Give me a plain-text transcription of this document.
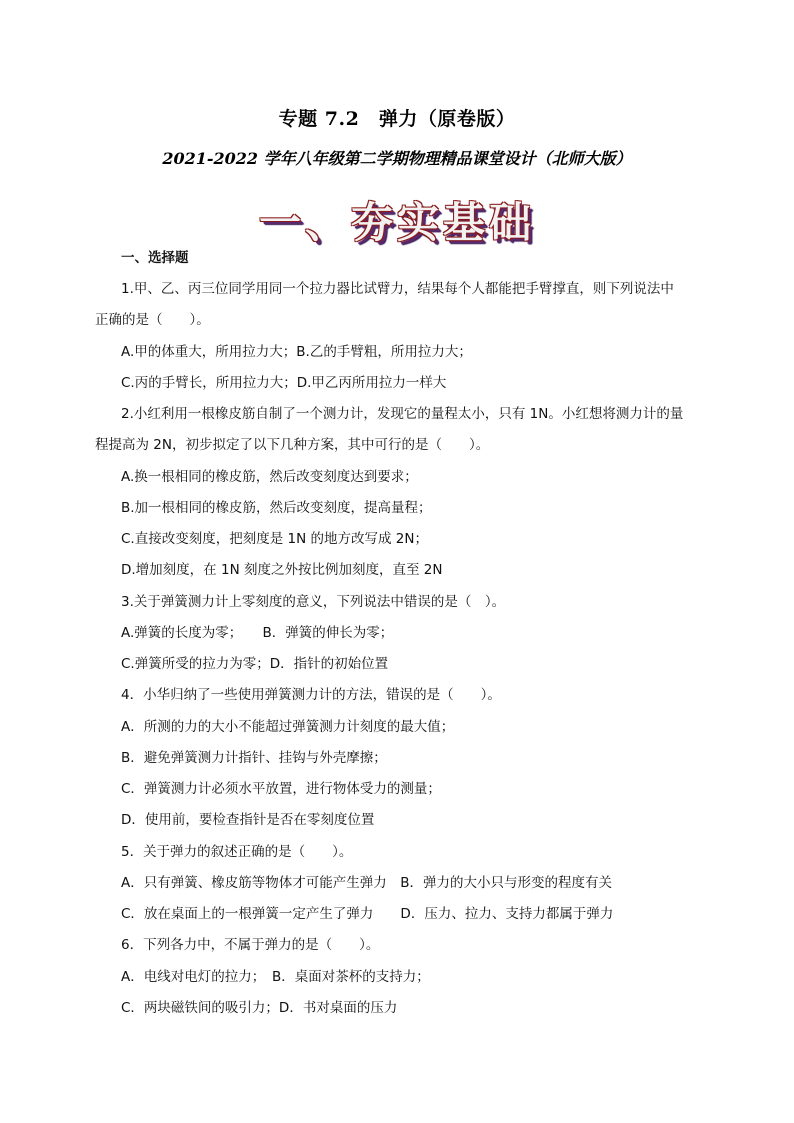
专题 7.2　弹力（原卷版）
2021-2022 学年八年级第二学期物理精品课堂设计（北师大版）
一、夯实基础
一、选择题
1.甲、乙、丙三位同学用同一个拉力器比试臂力，结果每个人都能把手臂撑直，则下列说法中
正确的是（　　）。
A.甲的体重大，所用拉力大；B.乙的手臂粗，所用拉力大；
C.丙的手臂长，所用拉力大；D.甲乙丙所用拉力一样大
2.小红利用一根橡皮筋自制了一个测力计，发现它的量程太小，只有 1N。小红想将测力计的量
程提高为 2N，初步拟定了以下几种方案，其中可行的是（　　）。
A.换一根相同的橡皮筋，然后改变刻度达到要求；
B.加一根相同的橡皮筋，然后改变刻度，提高量程；
C.直接改变刻度，把刻度是 1N 的地方改写成 2N；
D.增加刻度，在 1N 刻度之外按比例加刻度，直至 2N
3.关于弹簧测力计上零刻度的意义，下列说法中错误的是（　）。
A.弹簧的长度为零；　　B．弹簧的伸长为零；
C.弹簧所受的拉力为零；D．指针的初始位置
4．小华归纳了一些使用弹簧测力计的方法，错误的是（　　）。
A．所测的力的大小不能超过弹簧测力计刻度的最大值；
B．避免弹簧测力计指针、挂钩与外壳摩擦；
C．弹簧测力计必须水平放置，进行物体受力的测量；
D．使用前，要检查指针是否在零刻度位置
5．关于弹力的叙述正确的是（　　）。
A．只有弹簧、橡皮筋等物体才可能产生弹力　B．弹力的大小只与形变的程度有关
C．放在桌面上的一根弹簧一定产生了弹力　　D．压力、拉力、支持力都属于弹力
6．下列各力中，不属于弹力的是（　　）。
A．电线对电灯的拉力；　B．桌面对茶杯的支持力；
C．两块磁铁间的吸引力；D．书对桌面的压力
